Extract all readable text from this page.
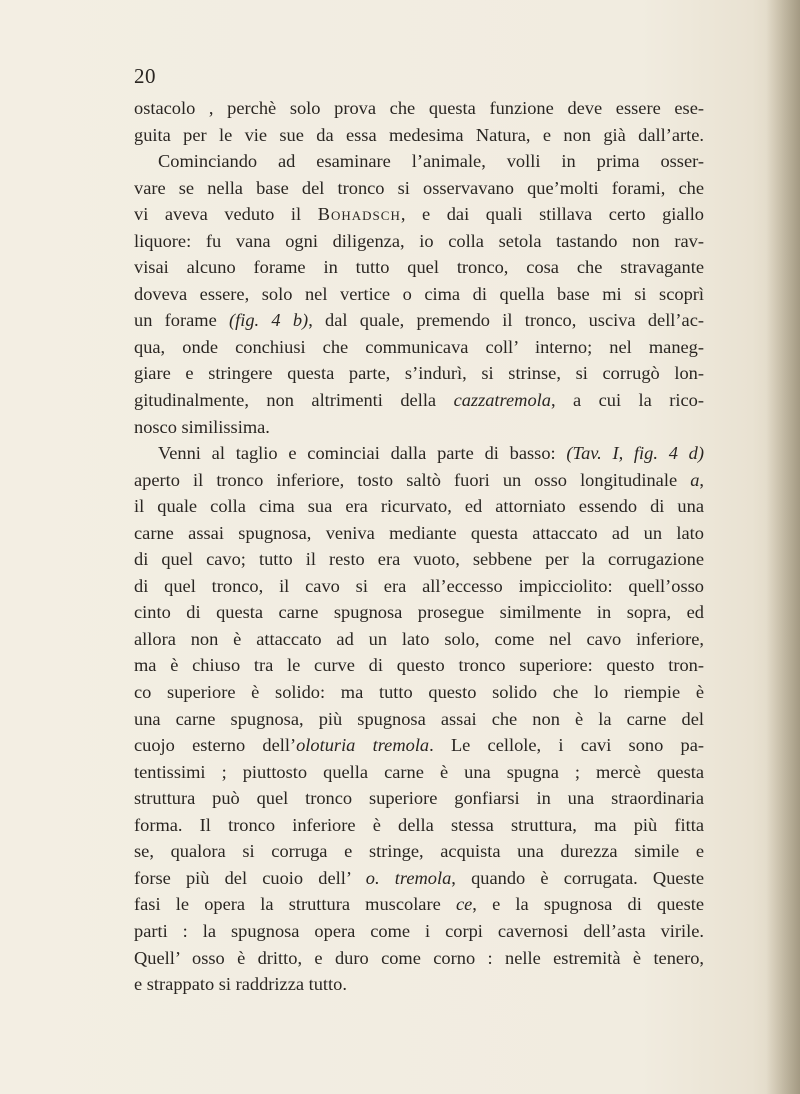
20
ostacolo , perchè solo prova che questa funzione deve essere ese-
guita per le vie sue da essa medesima Natura, e non già dall’arte.
Cominciando ad esaminare l’animale, volli in prima osser-
vare se nella base del tronco si osservavano que’molti forami, che
vi aveva veduto il Bohadsch, e dai quali stillava certo giallo
liquore: fu vana ogni diligenza, io colla setola tastando non rav-
visai alcuno forame in tutto quel tronco, cosa che stravagante
doveva essere, solo nel vertice o cima di quella base mi si scoprì
un forame (fig. 4 b), dal quale, premendo il tronco, usciva dell’ac-
qua, onde conchiusi che communicava coll’ interno; nel maneg-
giare e stringere questa parte, s’indurì, si strinse, si corrugò lon-
gitudinalmente, non altrimenti della cazzatremola, a cui la rico-
nosco similissima.
Venni al taglio e cominciai dalla parte di basso: (Tav. I, fig. 4 d)
aperto il tronco inferiore, tosto saltò fuori un osso longitudinale a,
il quale colla cima sua era ricurvato, ed attorniato essendo di una
carne assai spugnosa, veniva mediante questa attaccato ad un lato
di quel cavo; tutto il resto era vuoto, sebbene per la corrugazione
di quel tronco, il cavo si era all’eccesso impicciolito: quell’osso
cinto di questa carne spugnosa prosegue similmente in sopra, ed
allora non è attaccato ad un lato solo, come nel cavo inferiore,
ma è chiuso tra le curve di questo tronco superiore: questo tron-
co superiore è solido: ma tutto questo solido che lo riempie è
una carne spugnosa, più spugnosa assai che non è la carne del
cuojo esterno dell’oloturia tremola. Le cellole, i cavi sono pa-
tentissimi ; piuttosto quella carne è una spugna ; mercè questa
struttura può quel tronco superiore gonfiarsi in una straordinaria
forma. Il tronco inferiore è della stessa struttura, ma più fitta
se, qualora si corruga e stringe, acquista una durezza simile e
forse più del cuoio dell’ o. tremola, quando è corrugata. Queste
fasi le opera la struttura muscolare ce, e la spugnosa di queste
parti : la spugnosa opera come i corpi cavernosi dell’asta virile.
Quell’ osso è dritto, e duro come corno : nelle estremità è tenero,
e strappato si raddrizza tutto.
